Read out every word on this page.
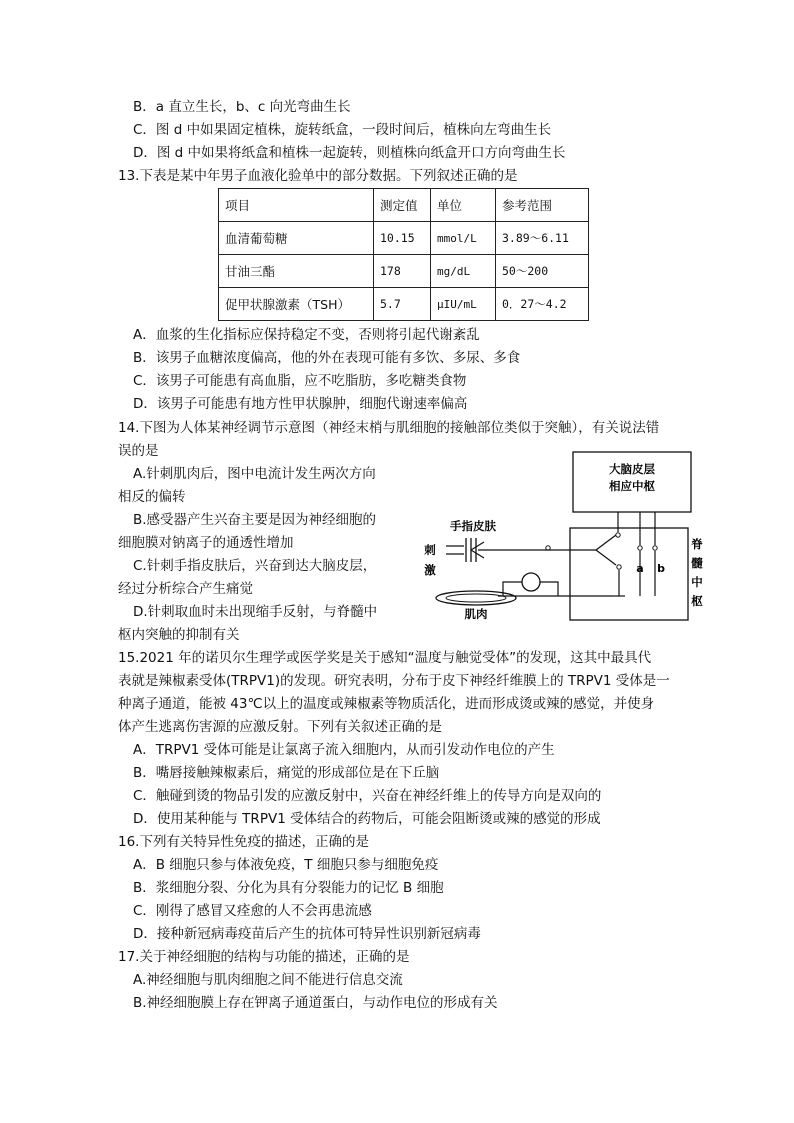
B．a 直立生长，b、c 向光弯曲生长
C．图 d 中如果固定植株，旋转纸盒，一段时间后，植株向左弯曲生长
D．图 d 中如果将纸盒和植株一起旋转，则植株向纸盒开口方向弯曲生长
13.下表是某中年男子血液化验单中的部分数据。下列叙述正确的是
项目	测定值	单位	参考范围
血清葡萄糖	10.15	mmol/L	3.89～6.11
甘油三酯	178	mg/dL	50～200
促甲状腺激素（TSH）	5.7	μIU/mL	0．27～4.2
A．血浆的生化指标应保持稳定不变，否则将引起代谢紊乱
B．该男子血糖浓度偏高，他的外在表现可能有多饮、多尿、多食
C．该男子可能患有高血脂，应不吃脂肪，多吃糖类食物
D．该男子可能患有地方性甲状腺肿，细胞代谢速率偏高
14.下图为人体某神经调节示意图（神经末梢与肌细胞的接触部位类似于突触），有关说法错
误的是
A.针刺肌肉后，图中电流计发生两次方向
相反的偏转
B.感受器产生兴奋主要是因为神经细胞的
细胞膜对钠离子的通透性增加
C.针刺手指皮肤后，兴奋到达大脑皮层，
经过分析综合产生痛觉
D.针刺取血时未出现缩手反射，与脊髓中
枢内突触的抑制有关
大脑皮层
相应中枢
脊
髓
中
枢
a b
手指皮肤
刺
激
肌肉
15.2021 年的诺贝尔生理学或医学奖是关于感知“温度与触觉受体”的发现，这其中最具代
表就是辣椒素受体(TRPV1)的发现。研究表明，分布于皮下神经纤维膜上的 TRPV1 受体是一
种离子通道，能被 43℃以上的温度或辣椒素等物质活化，进而形成烫或辣的感觉，并使身
体产生逃离伤害源的应激反射。下列有关叙述正确的是
A．TRPV1 受体可能是让氯离子流入细胞内，从而引发动作电位的产生
B．嘴唇接触辣椒素后，痛觉的形成部位是在下丘脑
C．触碰到烫的物品引发的应激反射中，兴奋在神经纤维上的传导方向是双向的
D．使用某种能与 TRPV1 受体结合的药物后，可能会阻断烫或辣的感觉的形成
16.下列有关特异性免疫的描述，正确的是
A．B 细胞只参与体液免疫，T 细胞只参与细胞免疫
B．浆细胞分裂、分化为具有分裂能力的记忆 B 细胞
C．刚得了感冒又痊愈的人不会再患流感
D．接种新冠病毒疫苗后产生的抗体可特异性识别新冠病毒
17.关于神经细胞的结构与功能的描述，正确的是
A.神经细胞与肌肉细胞之间不能进行信息交流
B.神经细胞膜上存在钾离子通道蛋白，与动作电位的形成有关
